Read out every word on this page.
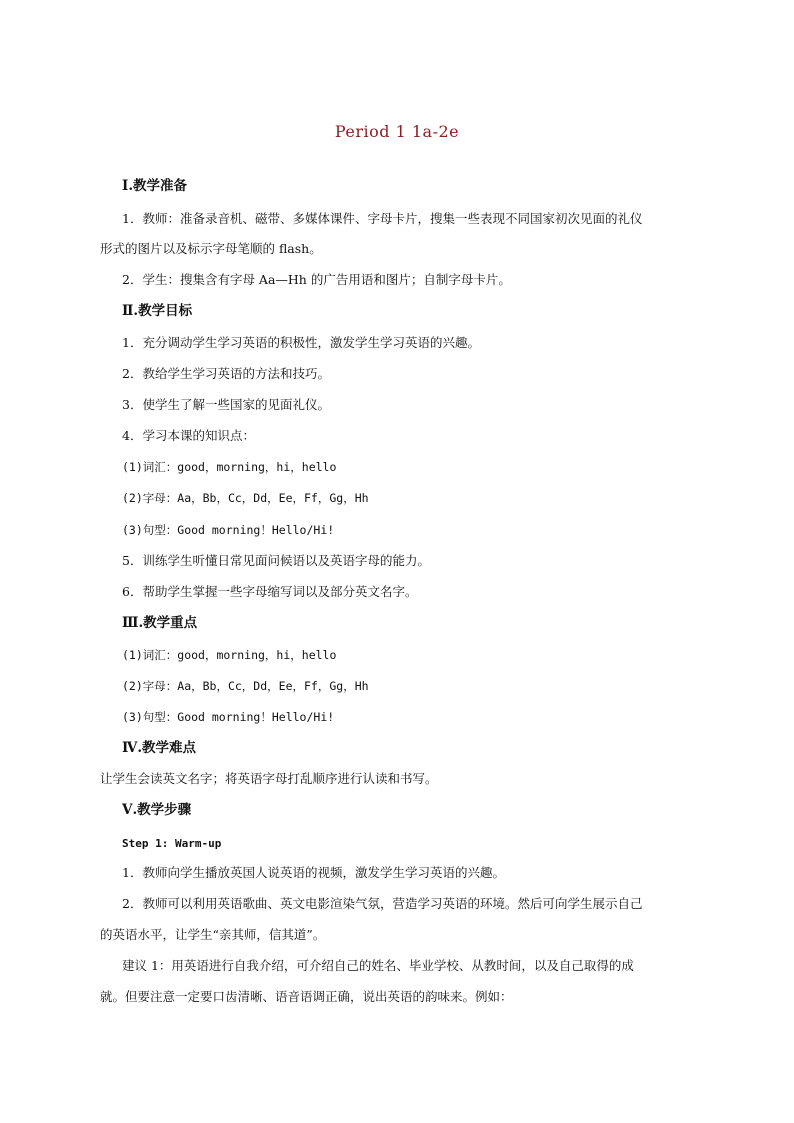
Period 1 1a-2e
Ⅰ.教学准备
1．教师：准备录音机、磁带、多媒体课件、字母卡片，搜集一些表现不同国家初次见面的礼仪
形式的图片以及标示字母笔顺的 flash。
2．学生：搜集含有字母 Aa—Hh 的广告用语和图片；自制字母卡片。
Ⅱ.教学目标
1．充分调动学生学习英语的积极性，激发学生学习英语的兴趣。
2．教给学生学习英语的方法和技巧。
3．使学生了解一些国家的见面礼仪。
4．学习本课的知识点：
(1)词汇：good，morning，hi，hello
(2)字母：Aa，Bb，Cc，Dd，Ee，Ff，Gg，Hh
(3)句型：Good morning！Hello/Hi!
5．训练学生听懂日常见面问候语以及英语字母的能力。
6．帮助学生掌握一些字母缩写词以及部分英文名字。
Ⅲ.教学重点
(1)词汇：good，morning，hi，hello
(2)字母：Aa，Bb，Cc，Dd，Ee，Ff，Gg，Hh
(3)句型：Good morning！Hello/Hi!
Ⅳ.教学难点
让学生会读英文名字；将英语字母打乱顺序进行认读和书写。
Ⅴ.教学步骤
Step 1: Warm-up
1．教师向学生播放英国人说英语的视频，激发学生学习英语的兴趣。
2．教师可以利用英语歌曲、英文电影渲染气氛，营造学习英语的环境。然后可向学生展示自己
的英语水平，让学生“亲其师，信其道”。
建议 1：用英语进行自我介绍，可介绍自己的姓名、毕业学校、从教时间，以及自己取得的成
就。但要注意一定要口齿清晰、语音语调正确，说出英语的韵味来。例如：
